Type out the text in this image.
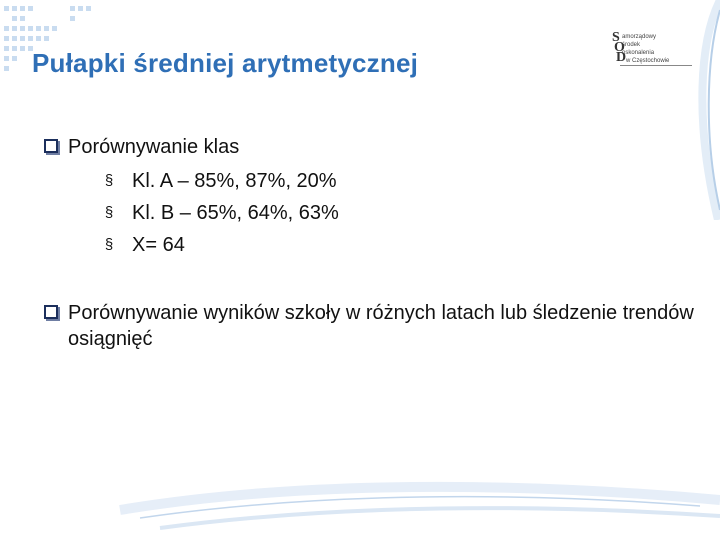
Pułapki średniej arytmetycznej
S
O
D
amorządowy
środek
oskonalenia
w Częstochowie
Porównywanie klas
§ Kl. A – 85%, 87%, 20%
§ Kl. B – 65%, 64%, 63%
§ X= 64
Porównywanie wyników szkoły w różnych latach lub śledzenie trendów osiągnięć
